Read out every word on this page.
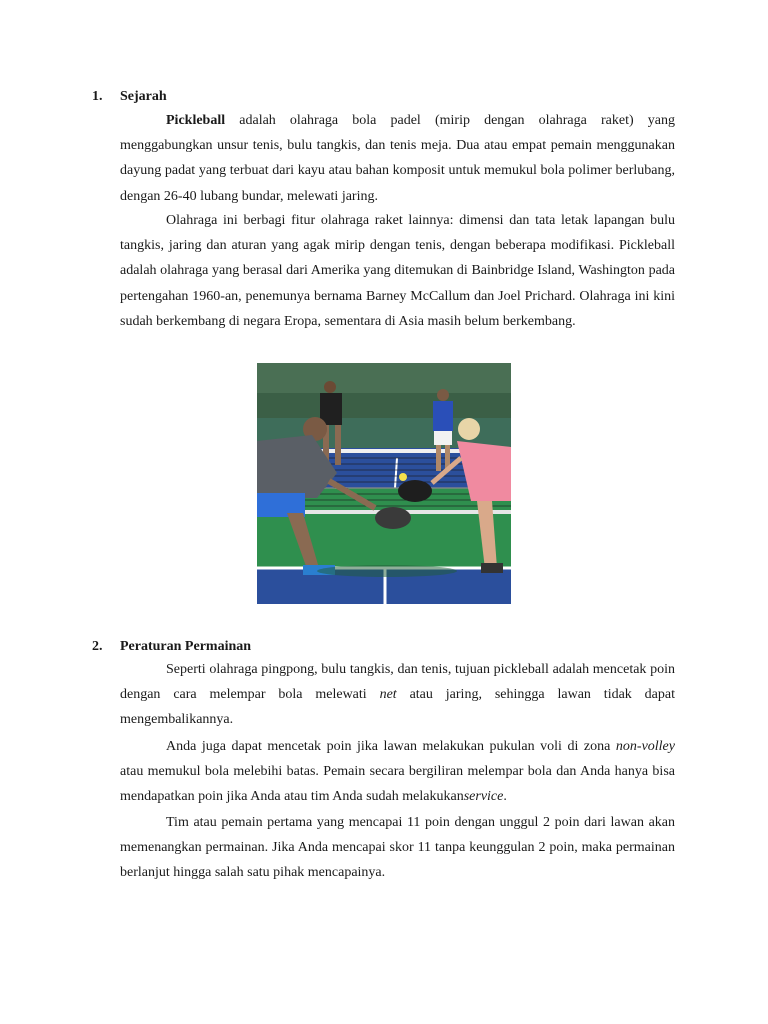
1. Sejarah

Pickleball adalah olahraga bola padel (mirip dengan olahraga raket) yang menggabungkan unsur tenis, bulu tangkis, dan tenis meja. Dua atau empat pemain menggunakan dayung padat yang terbuat dari kayu atau bahan komposit untuk memukul bola polimer berlubang, dengan 26-40 lubang bundar, melewati jaring.

Olahraga ini berbagi fitur olahraga raket lainnya: dimensi dan tata letak lapangan bulu tangkis, jaring dan aturan yang agak mirip dengan tenis, dengan beberapa modifikasi. Pickleball adalah olahraga yang berasal dari Amerika yang ditemukan di Bainbridge Island, Washington pada pertengahan 1960-an, penemunya bernama Barney McCallum dan Joel Prichard. Olahraga ini kini sudah berkembang di negara Eropa, sementara di Asia masih belum berkembang.

2. Peraturan Permainan

Seperti olahraga pingpong, bulu tangkis, dan tenis, tujuan pickleball adalah mencetak poin dengan cara melempar bola melewati net atau jaring, sehingga lawan tidak dapat mengembalikannya.

Anda juga dapat mencetak poin jika lawan melakukan pukulan voli di zona non-volley atau memukul bola melebihi batas. Pemain secara bergiliran melempar bola dan Anda hanya bisa mendapatkan poin jika Anda atau tim Anda sudah melakukanservice.

Tim atau pemain pertama yang mencapai 11 poin dengan unggul 2 poin dari lawan akan memenangkan permainan. Jika Anda mencapai skor 11 tanpa keunggulan 2 poin, maka permainan berlanjut hingga salah satu pihak mencapainya.
